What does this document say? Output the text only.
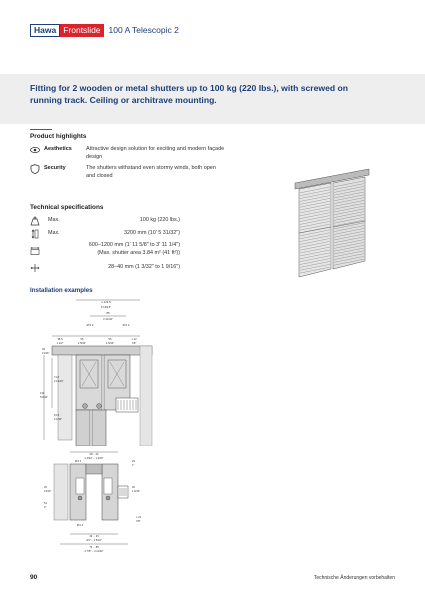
Hawa Frontslide 100 A Telescopic 2
Fitting for 2 wooden or metal shutters up to 100 kg (220 lbs.), with screwed on running track. Ceiling or architrave mounting.
Product highlights
Aesthetics	Attractive design solution for exciting and modern façade design
Security	The shutters withstand even stormy winds, both open and closed
Technical specifications
Max.	100 kg (220 lbs.)
Max.	3200 mm (10' 5 31/32")
600–1200 mm (1' 11 5/8" to 3' 11 1/4")
(Max. shutter area 3.84 m² (41 ft²))
28–40 mm (1 3/32" to 1 9/16")
Installation examples
≥ 122.5
4 13/16"
85
3 11/32"
Ø 6.2	Ø 6.2
38.5
1 1/2"
55
2 5/32"
55
2 5/32"
≥ 22
7/8"
20
13/16"
71.5
2 13/16"
134
5 9/32"
51.5
2 1/32"
28 – 40
1 3/32" – 1 9/16"
Ø 6.2	25
1"
20
13/16"
40
1 9/16"
51
2"
Ø 6.2
19 ... 33
3/4" – 1 5/16"
73 ... 85
2 7/8" – 3 11/32"
≥ 22
7/8"
90	Technische Änderungen vorbehalten
